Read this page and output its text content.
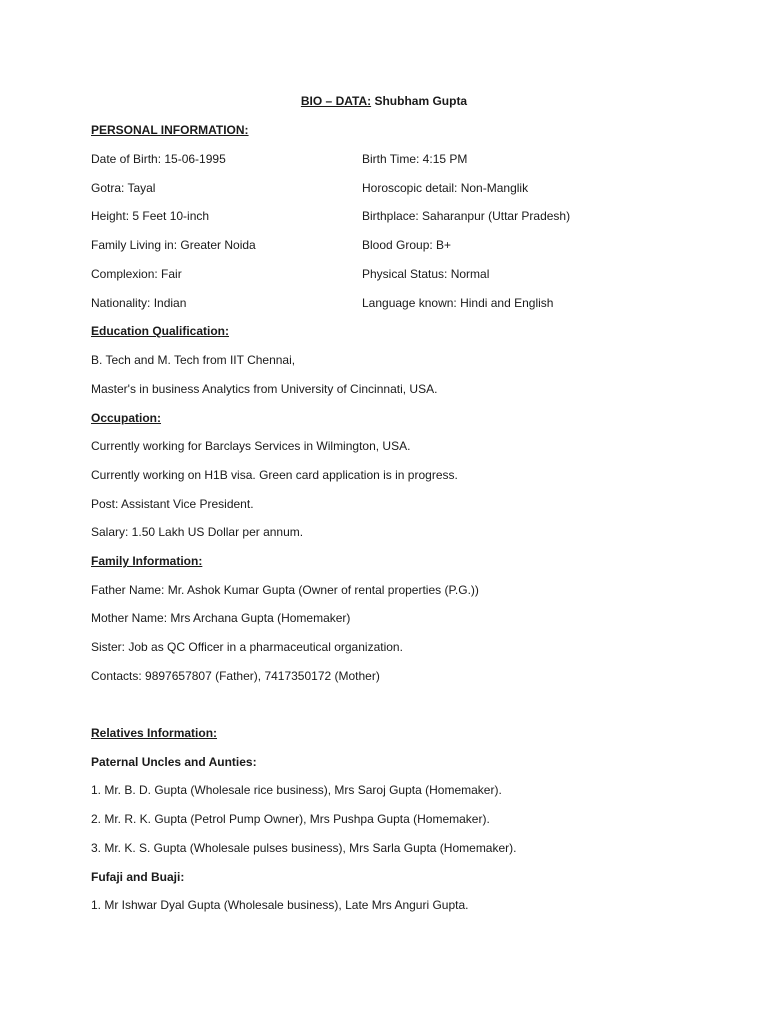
BIO – DATA: Shubham Gupta
PERSONAL INFORMATION:
Date of Birth: 15-06-1995	Birth Time: 4:15 PM
Gotra: Tayal	Horoscopic detail: Non-Manglik
Height: 5 Feet 10-inch	Birthplace: Saharanpur (Uttar Pradesh)
Family Living in: Greater Noida	Blood Group: B+
Complexion: Fair	Physical Status: Normal
Nationality: Indian	Language known: Hindi and English
Education Qualification:
B. Tech and M. Tech from IIT Chennai,
Master's in business Analytics from University of Cincinnati, USA.
Occupation:
Currently working for Barclays Services in Wilmington, USA.
Currently working on H1B visa. Green card application is in progress.
Post: Assistant Vice President.
Salary: 1.50 Lakh US Dollar per annum.
Family Information:
Father Name: Mr. Ashok Kumar Gupta (Owner of rental properties (P.G.))
Mother Name: Mrs Archana Gupta (Homemaker)
Sister: Job as QC Officer in a pharmaceutical organization.
Contacts: 9897657807 (Father), 7417350172 (Mother)
Relatives Information:
Paternal Uncles and Aunties:
1. Mr. B. D. Gupta (Wholesale rice business), Mrs Saroj Gupta (Homemaker).
2. Mr. R. K. Gupta (Petrol Pump Owner), Mrs Pushpa Gupta (Homemaker).
3. Mr. K. S. Gupta (Wholesale pulses business), Mrs Sarla Gupta (Homemaker).
Fufaji and Buaji:
1. Mr Ishwar Dyal Gupta (Wholesale business), Late Mrs Anguri Gupta.
